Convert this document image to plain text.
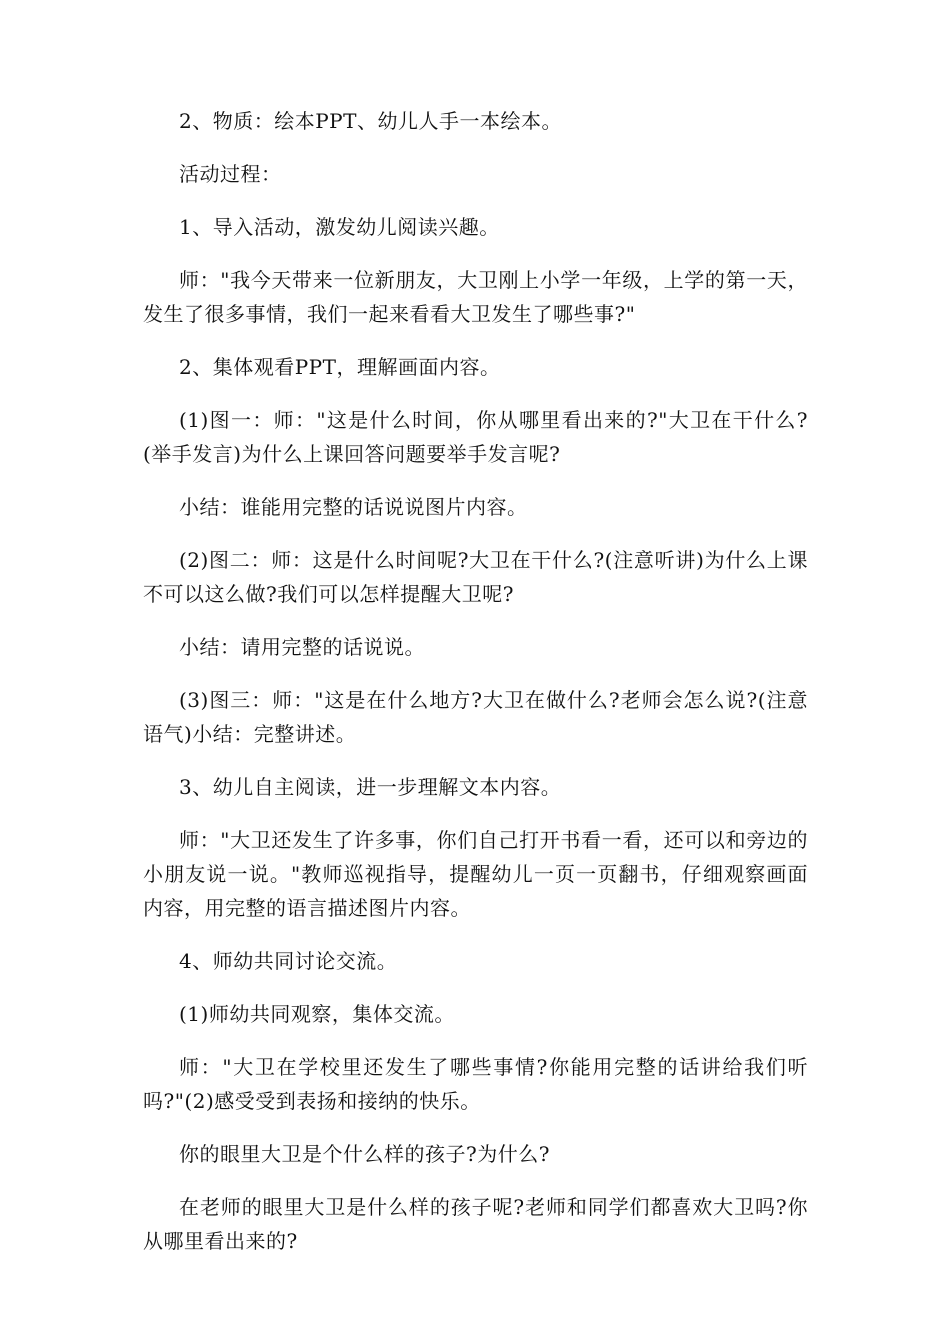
2、物质：绘本PPT、幼儿人手一本绘本。

活动过程：

1、导入活动，激发幼儿阅读兴趣。

师："我今天带来一位新朋友，大卫刚上小学一年级，上学的第一天，发生了很多事情，我们一起来看看大卫发生了哪些事?"

2、集体观看PPT，理解画面内容。

(1)图一：师："这是什么时间，你从哪里看出来的?"大卫在干什么?(举手发言)为什么上课回答问题要举手发言呢?

小结：谁能用完整的话说说图片内容。

(2)图二：师：这是什么时间呢?大卫在干什么?(注意听讲)为什么上课不可以这么做?我们可以怎样提醒大卫呢?

小结：请用完整的话说说。

(3)图三：师："这是在什么地方?大卫在做什么?老师会怎么说?(注意语气)小结：完整讲述。

3、幼儿自主阅读，进一步理解文本内容。

师："大卫还发生了许多事，你们自己打开书看一看，还可以和旁边的小朋友说一说。"教师巡视指导，提醒幼儿一页一页翻书，仔细观察画面内容，用完整的语言描述图片内容。

4、师幼共同讨论交流。

(1)师幼共同观察，集体交流。

师："大卫在学校里还发生了哪些事情?你能用完整的话讲给我们听吗?"(2)感受受到表扬和接纳的快乐。

你的眼里大卫是个什么样的孩子?为什么?

在老师的眼里大卫是什么样的孩子呢?老师和同学们都喜欢大卫吗?你从哪里看出来的?
